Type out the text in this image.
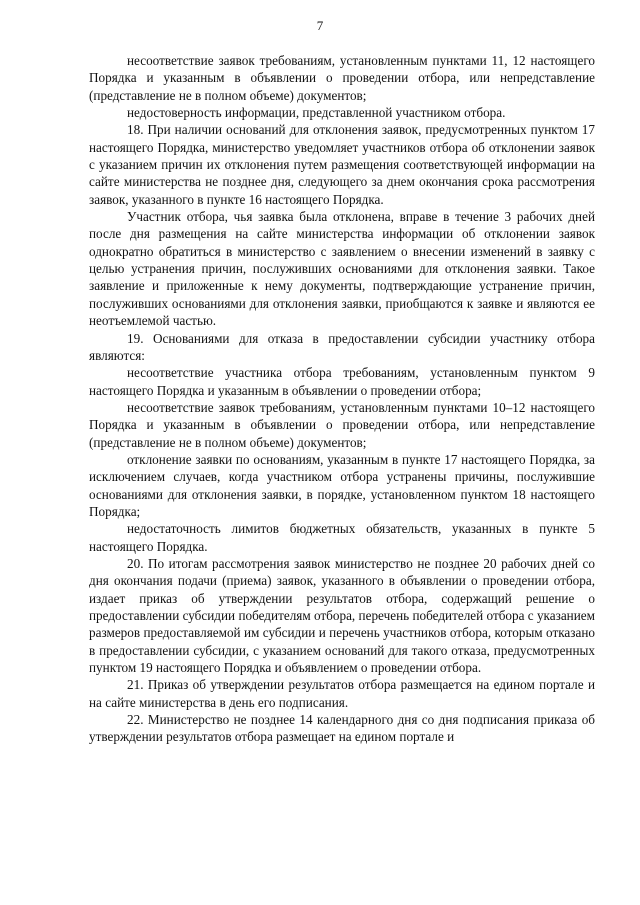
7

несоответствие заявок требованиям, установленным пунктами 11, 12 настоящего Порядка и указанным в объявлении о проведении отбора, или непредставление (представление не в полном объеме) документов;

недостоверность информации, представленной участником отбора.

18. При наличии оснований для отклонения заявок, предусмотренных пунктом 17 настоящего Порядка, министерство уведомляет участников отбора об отклонении заявок с указанием причин их отклонения путем размещения соответствующей информации на сайте министерства не позднее дня, следующего за днем окончания срока рассмотрения заявок, указанного в пункте 16 настоящего Порядка.

Участник отбора, чья заявка была отклонена, вправе в течение 3 рабочих дней после дня размещения на сайте министерства информации об отклонении заявок однократно обратиться в министерство с заявлением о внесении изменений в заявку с целью устранения причин, послуживших основаниями для отклонения заявки. Такое заявление и приложенные к нему документы, подтверждающие устранение причин, послуживших основаниями для отклонения заявки, приобщаются к заявке и являются ее неотъемлемой частью.

19. Основаниями для отказа в предоставлении субсидии участнику отбора являются:

несоответствие участника отбора требованиям, установленным пунктом 9 настоящего Порядка и указанным в объявлении о проведении отбора;

несоответствие заявок требованиям, установленным пунктами 10–12 настоящего Порядка и указанным в объявлении о проведении отбора, или непредставление (представление не в полном объеме) документов;

отклонение заявки по основаниям, указанным в пункте 17 настоящего Порядка, за исключением случаев, когда участником отбора устранены причины, послужившие основаниями для отклонения заявки, в порядке, установленном пунктом 18 настоящего Порядка;

недостаточность лимитов бюджетных обязательств, указанных в пункте 5 настоящего Порядка.

20. По итогам рассмотрения заявок министерство не позднее 20 рабочих дней со дня окончания подачи (приема) заявок, указанного в объявлении о проведении отбора, издает приказ об утверждении результатов отбора, содержащий решение о предоставлении субсидии победителям отбора, перечень победителей отбора с указанием размеров предоставляемой им субсидии и перечень участников отбора, которым отказано в предоставлении субсидии, с указанием оснований для такого отказа, предусмотренных пунктом 19 настоящего Порядка и объявлением о проведении отбора.

21. Приказ об утверждении результатов отбора размещается на едином портале и на сайте министерства в день его подписания.

22. Министерство не позднее 14 календарного дня со дня подписания приказа об утверждении результатов отбора размещает на едином портале и
